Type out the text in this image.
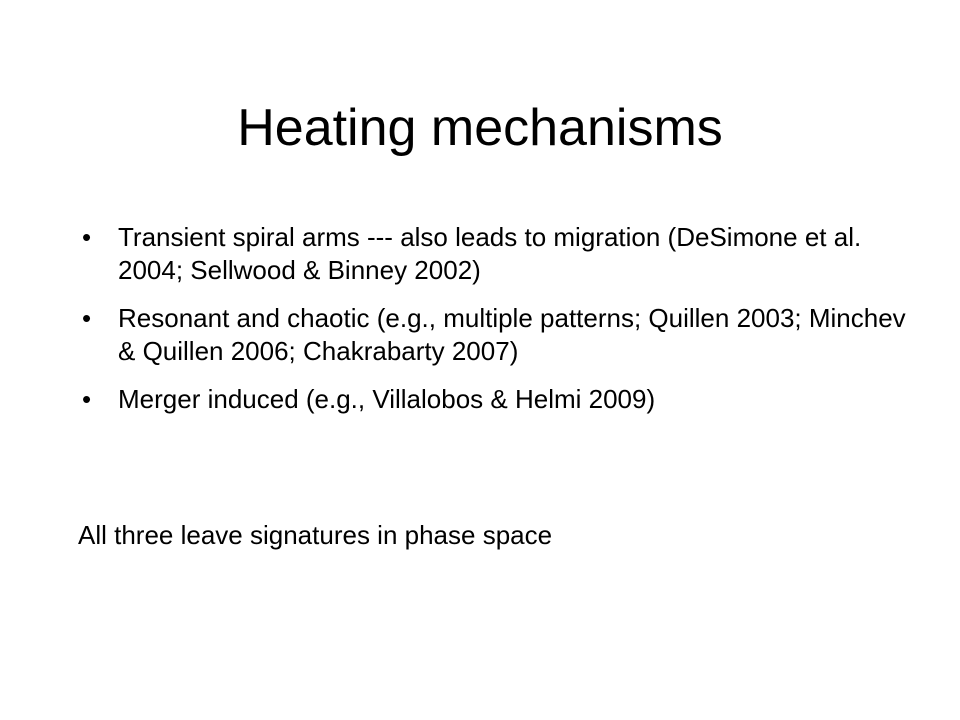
Heating mechanisms
• Transient spiral arms --- also leads to migration (DeSimone et al. 2004; Sellwood & Binney 2002)
• Resonant and chaotic (e.g., multiple patterns; Quillen 2003; Minchev & Quillen 2006; Chakrabarty 2007)
• Merger induced (e.g., Villalobos & Helmi 2009)

All three leave signatures in phase space
